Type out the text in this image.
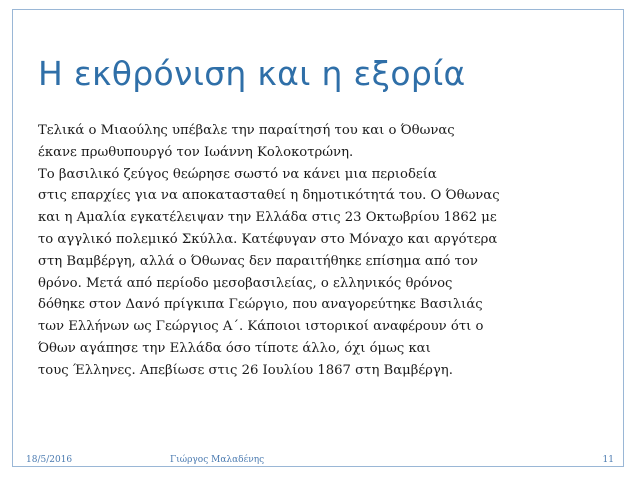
Η εκθρόνιση και η εξορία
Τελικά ο Μιαούλης υπέβαλε την παραίτησή του και ο Όθωνας
έκανε πρωθυπουργό τον Ιωάννη Κολοκοτρώνη.
Το βασιλικό ζεύγος θεώρησε σωστό να κάνει μια περιοδεία
στις επαρχίες για να αποκατασταθεί η δημοτικότητά του. Ο Όθωνας
και η Αμαλία εγκατέλειψαν την Ελλάδα στις 23 Οκτωβρίου 1862 με
το αγγλικό πολεμικό Σκύλλα. Κατέφυγαν στο Μόναχο και αργότερα
στη Βαμβέργη, αλλά ο Όθωνας δεν παραιτήθηκε επίσημα από τον
θρόνο. Μετά από περίοδο μεσοβασιλείας, ο ελληνικός θρόνος
δόθηκε στον Δανό πρίγκιπα Γεώργιο, που αναγορεύτηκε Βασιλιάς
των Ελλήνων ως Γεώργιος Α΄. Κάποιοι ιστορικοί αναφέρουν ότι ο
Όθων αγάπησε την Ελλάδα όσο τίποτε άλλο, όχι όμως και
τους Έλληνες. Απεβίωσε στις 26 Ιουλίου 1867 στη Βαμβέργη.
18/5/2016	Γιώργος Μαλαδένης	11
